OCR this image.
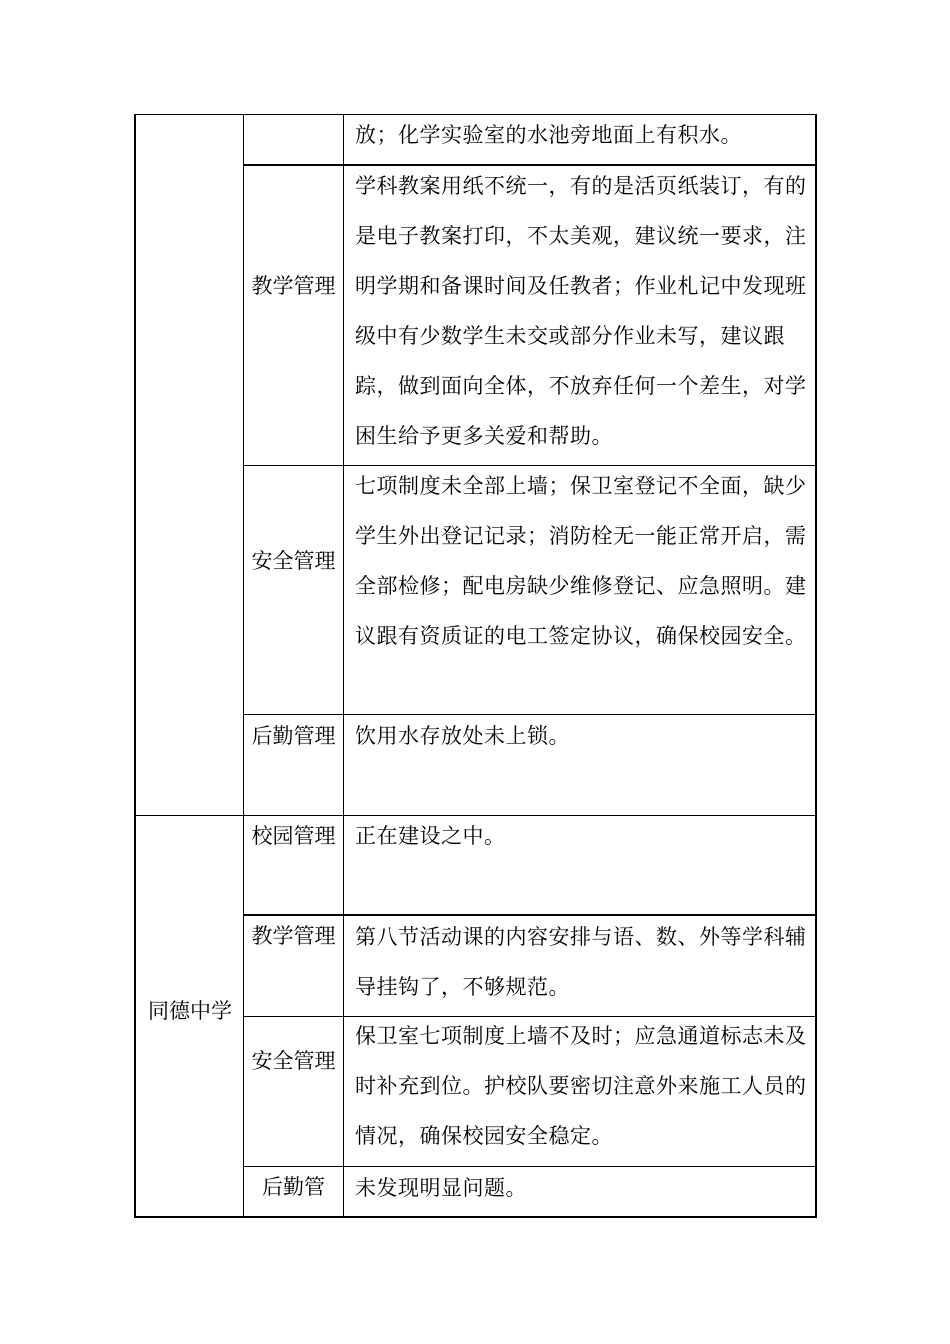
放；化学实验室的水池旁地面上有积水。
教学管理
学科教案用纸不统一，有的是活页纸装订，有的是电子教案打印，不太美观，建议统一要求，注明学期和备课时间及任教者；作业札记中发现班级中有少数学生未交或部分作业未写，建议跟踪，做到面向全体，不放弃任何一个差生，对学困生给予更多关爱和帮助。
安全管理
七项制度未全部上墙；保卫室登记不全面，缺少学生外出登记记录；消防栓无一能正常开启，需全部检修；配电房缺少维修登记、应急照明。建议跟有资质证的电工签定协议，确保校园安全。
后勤管理 饮用水存放处未上锁。
同德中学
校园管理 正在建设之中。
教学管理 第八节活动课的内容安排与语、数、外等学科辅导挂钩了，不够规范。
安全管理
保卫室七项制度上墙不及时；应急通道标志未及时补充到位。护校队要密切注意外来施工人员的情况，确保校园安全稳定。
后勤管	未发现明显问题。
